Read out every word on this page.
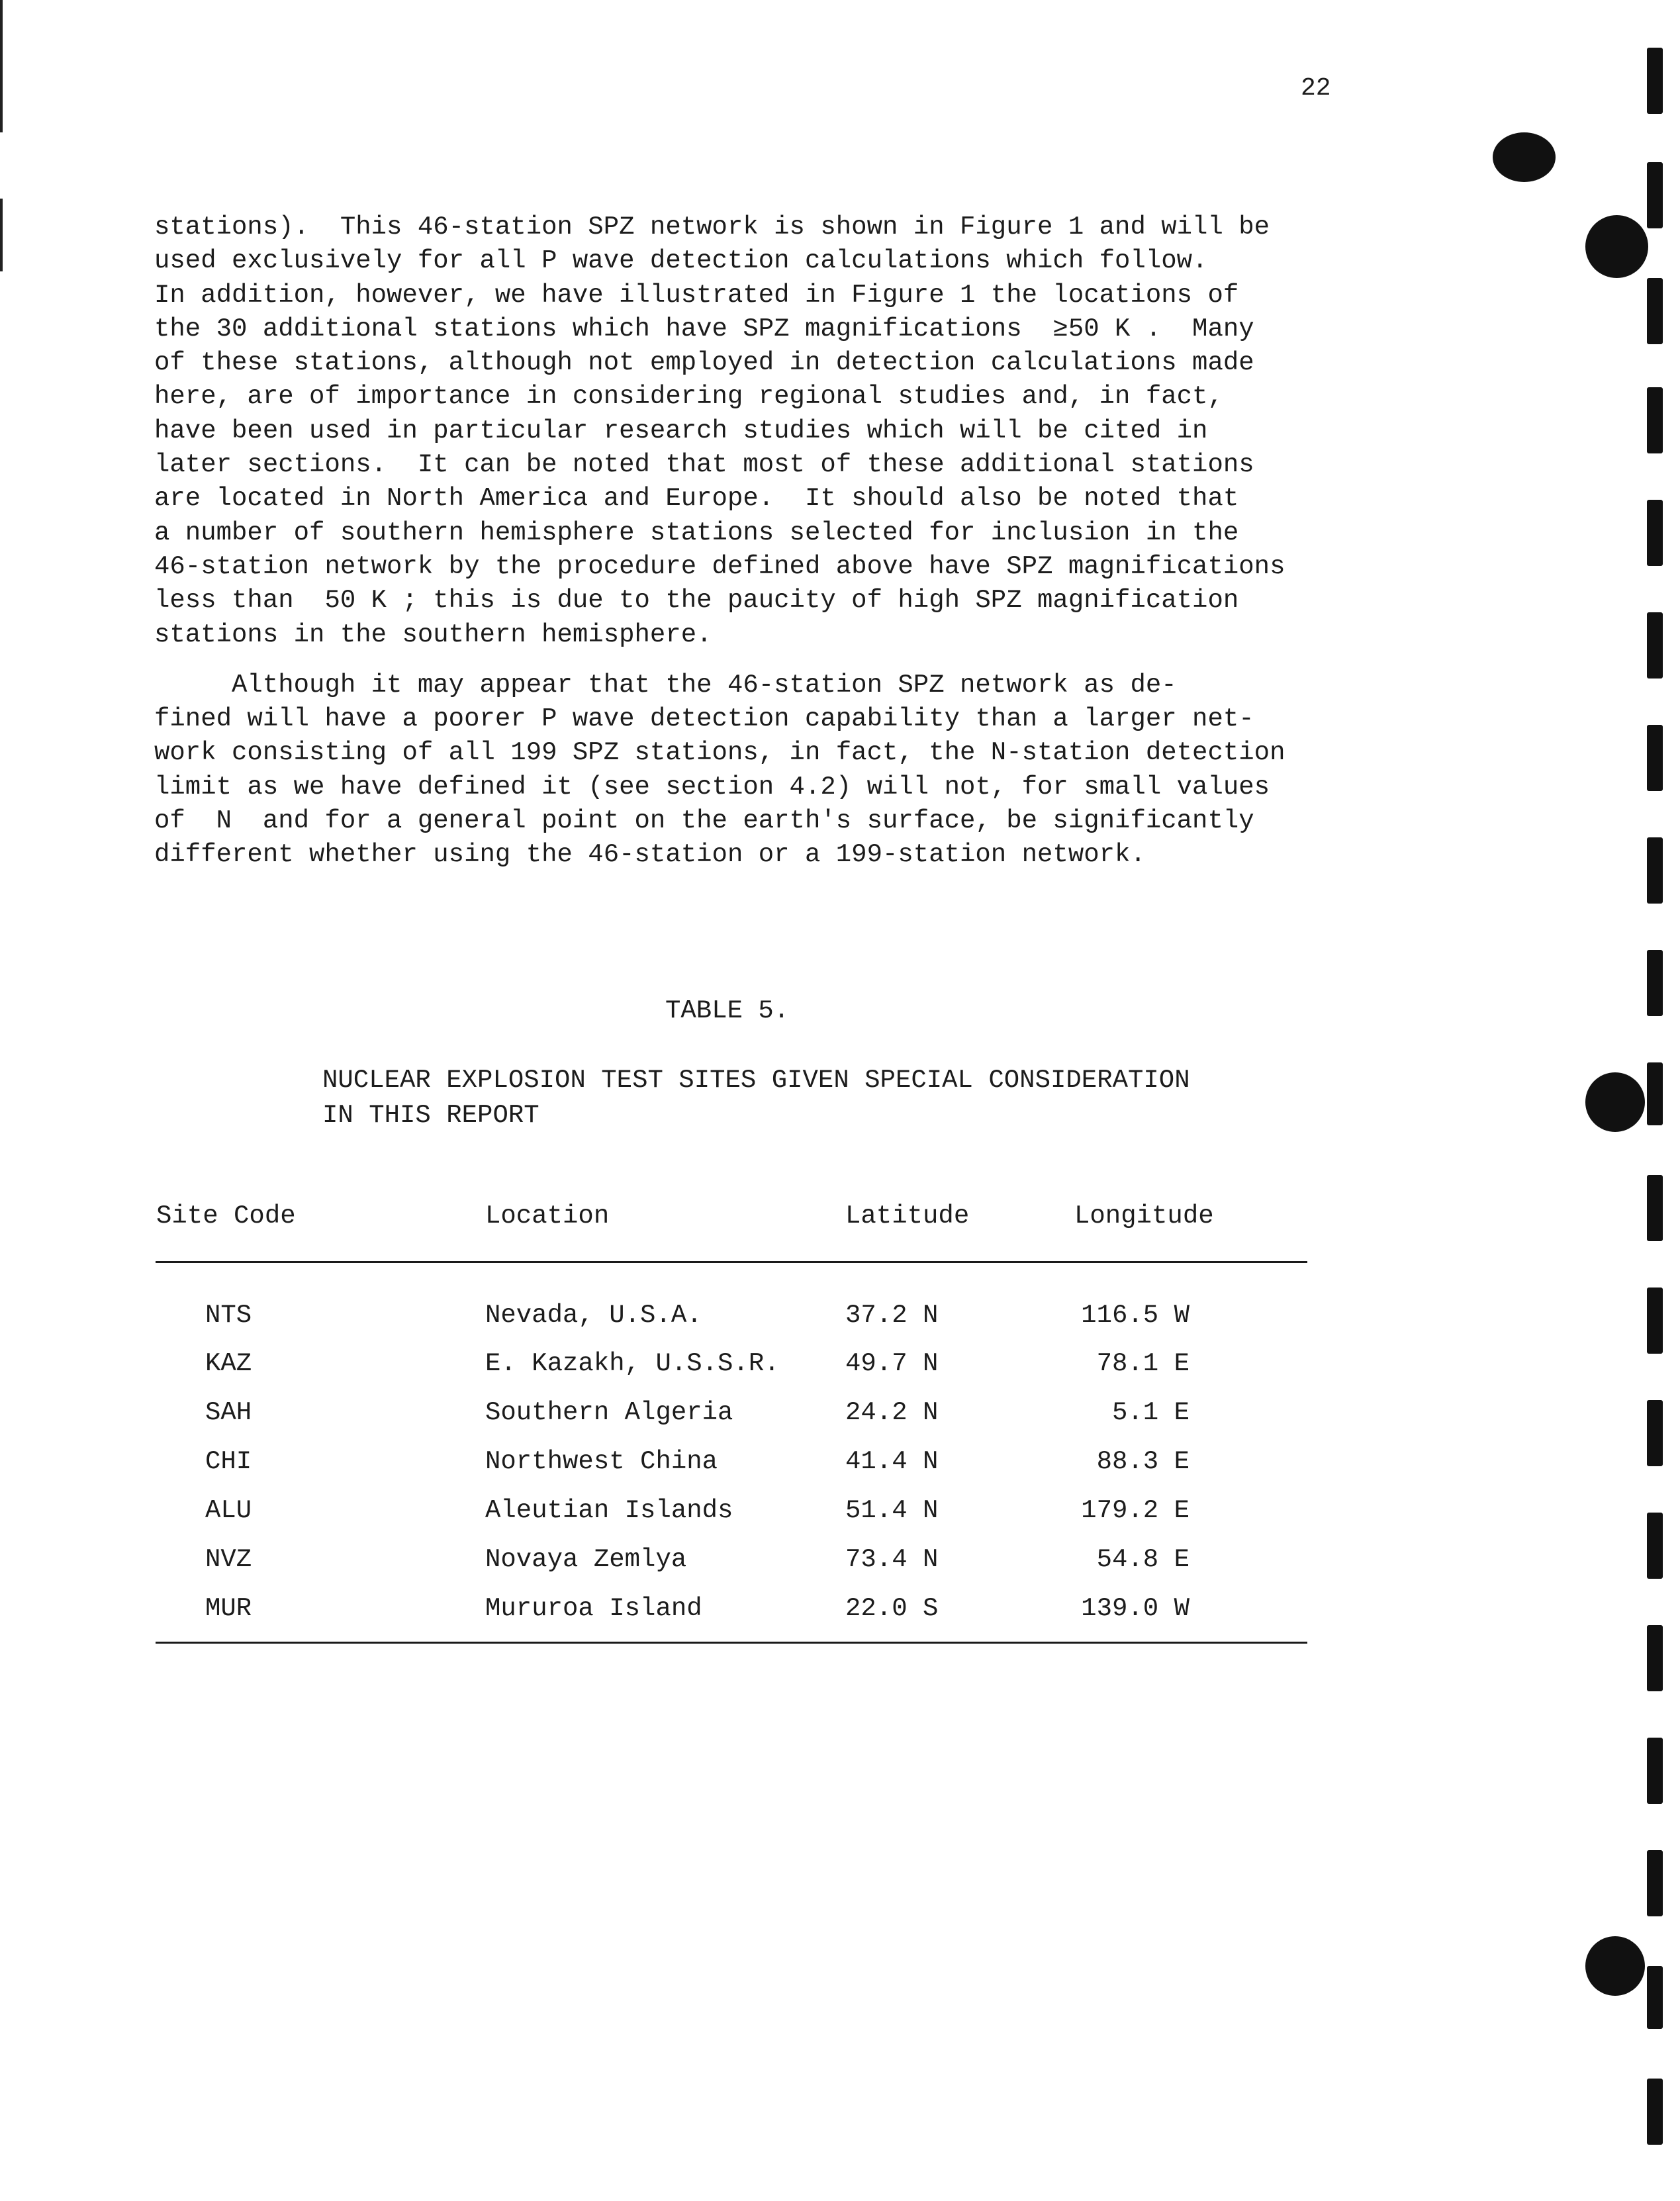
22
stations).  This 46-station SPZ network is shown in Figure 1 and will be
used exclusively for all P wave detection calculations which follow.
In addition, however, we have illustrated in Figure 1 the locations of
the 30 additional stations which have SPZ magnifications  ≥50 K .  Many
of these stations, although not employed in detection calculations made
here, are of importance in considering regional studies and, in fact,
have been used in particular research studies which will be cited in
later sections.  It can be noted that most of these additional stations
are located in North America and Europe.  It should also be noted that
a number of southern hemisphere stations selected for inclusion in the
46-station network by the procedure defined above have SPZ magnifications
less than  50 K ; this is due to the paucity of high SPZ magnification
stations in the southern hemisphere.
Although it may appear that the 46-station SPZ network as de-
fined will have a poorer P wave detection capability than a larger net-
work consisting of all 199 SPZ stations, in fact, the N-station detection
limit as we have defined it (see section 4.2) will not, for small values
of  N  and for a general point on the earth's surface, be significantly
different whether using the 46-station or a 199-station network.
TABLE 5.
NUCLEAR EXPLOSION TEST SITES GIVEN SPECIAL CONSIDERATION
IN THIS REPORT
Site Code	Location	Latitude	Longitude
NTS	Nevada, U.S.A.	37.2 N	116.5 W
KAZ	E. Kazakh, U.S.S.R.	49.7 N	78.1 E
SAH	Southern Algeria	24.2 N	5.1 E
CHI	Northwest China	41.4 N	88.3 E
ALU	Aleutian Islands	51.4 N	179.2 E
NVZ	Novaya Zemlya	73.4 N	54.8 E
MUR	Mururoa Island	22.0 S	139.0 W
